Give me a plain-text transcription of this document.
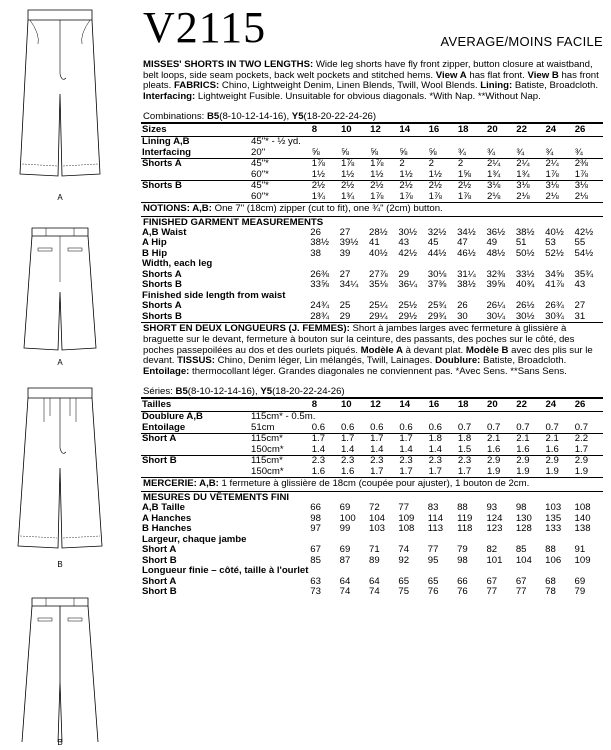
A
A
B
B
V2115	AVERAGE/MOINS FACILE
MISSES' SHORTS IN TWO LENGTHS: Wide leg shorts have fly front zipper, button closure at waistband, belt loops, side seam pockets, back welt pockets and stitched hems. View A has flat front. View B has front pleats. FABRICS: Chino, Lightweight Denim, Linen Blends, Twill, Wool Blends. Lining: Batiste, Broadcloth. Interfacing: Lightweight Fusible. Unsuitable for obvious diagonals. *With Nap. **Without Nap.
Combinations: B5(8-10-12-14-16), Y5(18-20-22-24-26)
Sizes		8	10	12	14	16	18	20	22	24	26
Lining A,B	45"* - ½ yd.										
Interfacing	20"	⅝	⅝	⅝	⅝	⅝	¾	¾	¾	¾	¾
Shorts A	45"*	1⅞	1⅞	1⅞	2	2	2	2¼	2¼	2¼	2⅜
	60"*	1½	1½	1½	1½	1½	1⅝	1¾	1¾	1⅞	1⅞
Shorts B	45"*	2½	2½	2½	2½	2½	2½	3⅛	3⅛	3⅛	3⅛
	60"*	1¾	1¾	1⅞	1⅞	1⅞	1⅞	2⅛	2⅛	2⅛	2⅛
NOTIONS: A,B: One 7" (18cm) zipper (cut to fit), one ¾" (2cm) button.
FINISHED GARMENT MEASUREMENTS
A,B Waist	26	27	28½	30½	32½	34½	36½	38½	40½	42½
A Hip	38½	39½	41	43	45	47	49	51	53	55
B Hip	38	39	40½	42½	44½	46½	48½	50½	52½	54½
Width, each leg										
Shorts A	26⅜	27	27⅞	29	30⅛	31¼	32⅜	33½	34⅝	35¾
Shorts B	33⅝	34¼	35⅛	36¼	37⅜	38½	39⅝	40¾	41⅞	43
Finished side length from waist										
Shorts A	24¾	25	25¼	25½	25¾	26	26¼	26½	26¾	27
Shorts B	28¾	29	29¼	29½	29¾	30	30¼	30½	30¾	31
SHORT EN DEUX LONGUEURS (J. FEMMES): Short à jambes larges avec fermeture à glissière à braguette sur le devant, fermeture à bouton sur la ceinture, des passants, des poches sur le côté, des poches passepoilées au dos et des ourlets piqués. Modèle A à devant plat. Modèle B avec des plis sur le devant. TISSUS: Chino, Denim léger, Lin mélangés, Twill, Lainages. Doublure: Batiste, Broadcloth. Entoilage: thermocollant léger. Grandes diagonales ne conviennent pas. *Avec Sens. **Sans Sens.
Séries: B5(8-10-12-14-16), Y5(18-20-22-24-26)
Tailles		8	10	12	14	16	18	20	22	24	26
Doublure A,B	115cm* - 0.5m.										
Entoilage	51cm	0.6	0.6	0.6	0.6	0.6	0.7	0.7	0.7	0.7	0.7
Short A	115cm*	1.7	1.7	1.7	1.7	1.8	1.8	2.1	2.1	2.1	2.2
	150cm*	1.4	1.4	1.4	1.4	1.4	1.5	1.6	1.6	1.6	1.7
Short B	115cm*	2.3	2.3	2.3	2.3	2.3	2.3	2.9	2.9	2.9	2.9
	150cm*	1.6	1.6	1.7	1.7	1.7	1.7	1.9	1.9	1.9	1.9
MERCERIE: A,B: 1 fermeture à glissière de 18cm (coupée pour ajuster), 1 bouton de 2cm.
MESURES DU VÊTEMENTS FINI
A,B Taille	66	69	72	77	83	88	93	98	103	108
A Hanches	98	100	104	109	114	119	124	130	135	140
B Hanches	97	99	103	108	113	118	123	128	133	138
Largeur, chaque jambe										
Short A	67	69	71	74	77	79	82	85	88	91
Short B	85	87	89	92	95	98	101	104	106	109
Longueur finie – côté, taille à l'ourlet										
Short A	63	64	64	65	65	66	67	67	68	69
Short B	73	74	74	75	76	76	77	77	78	79
